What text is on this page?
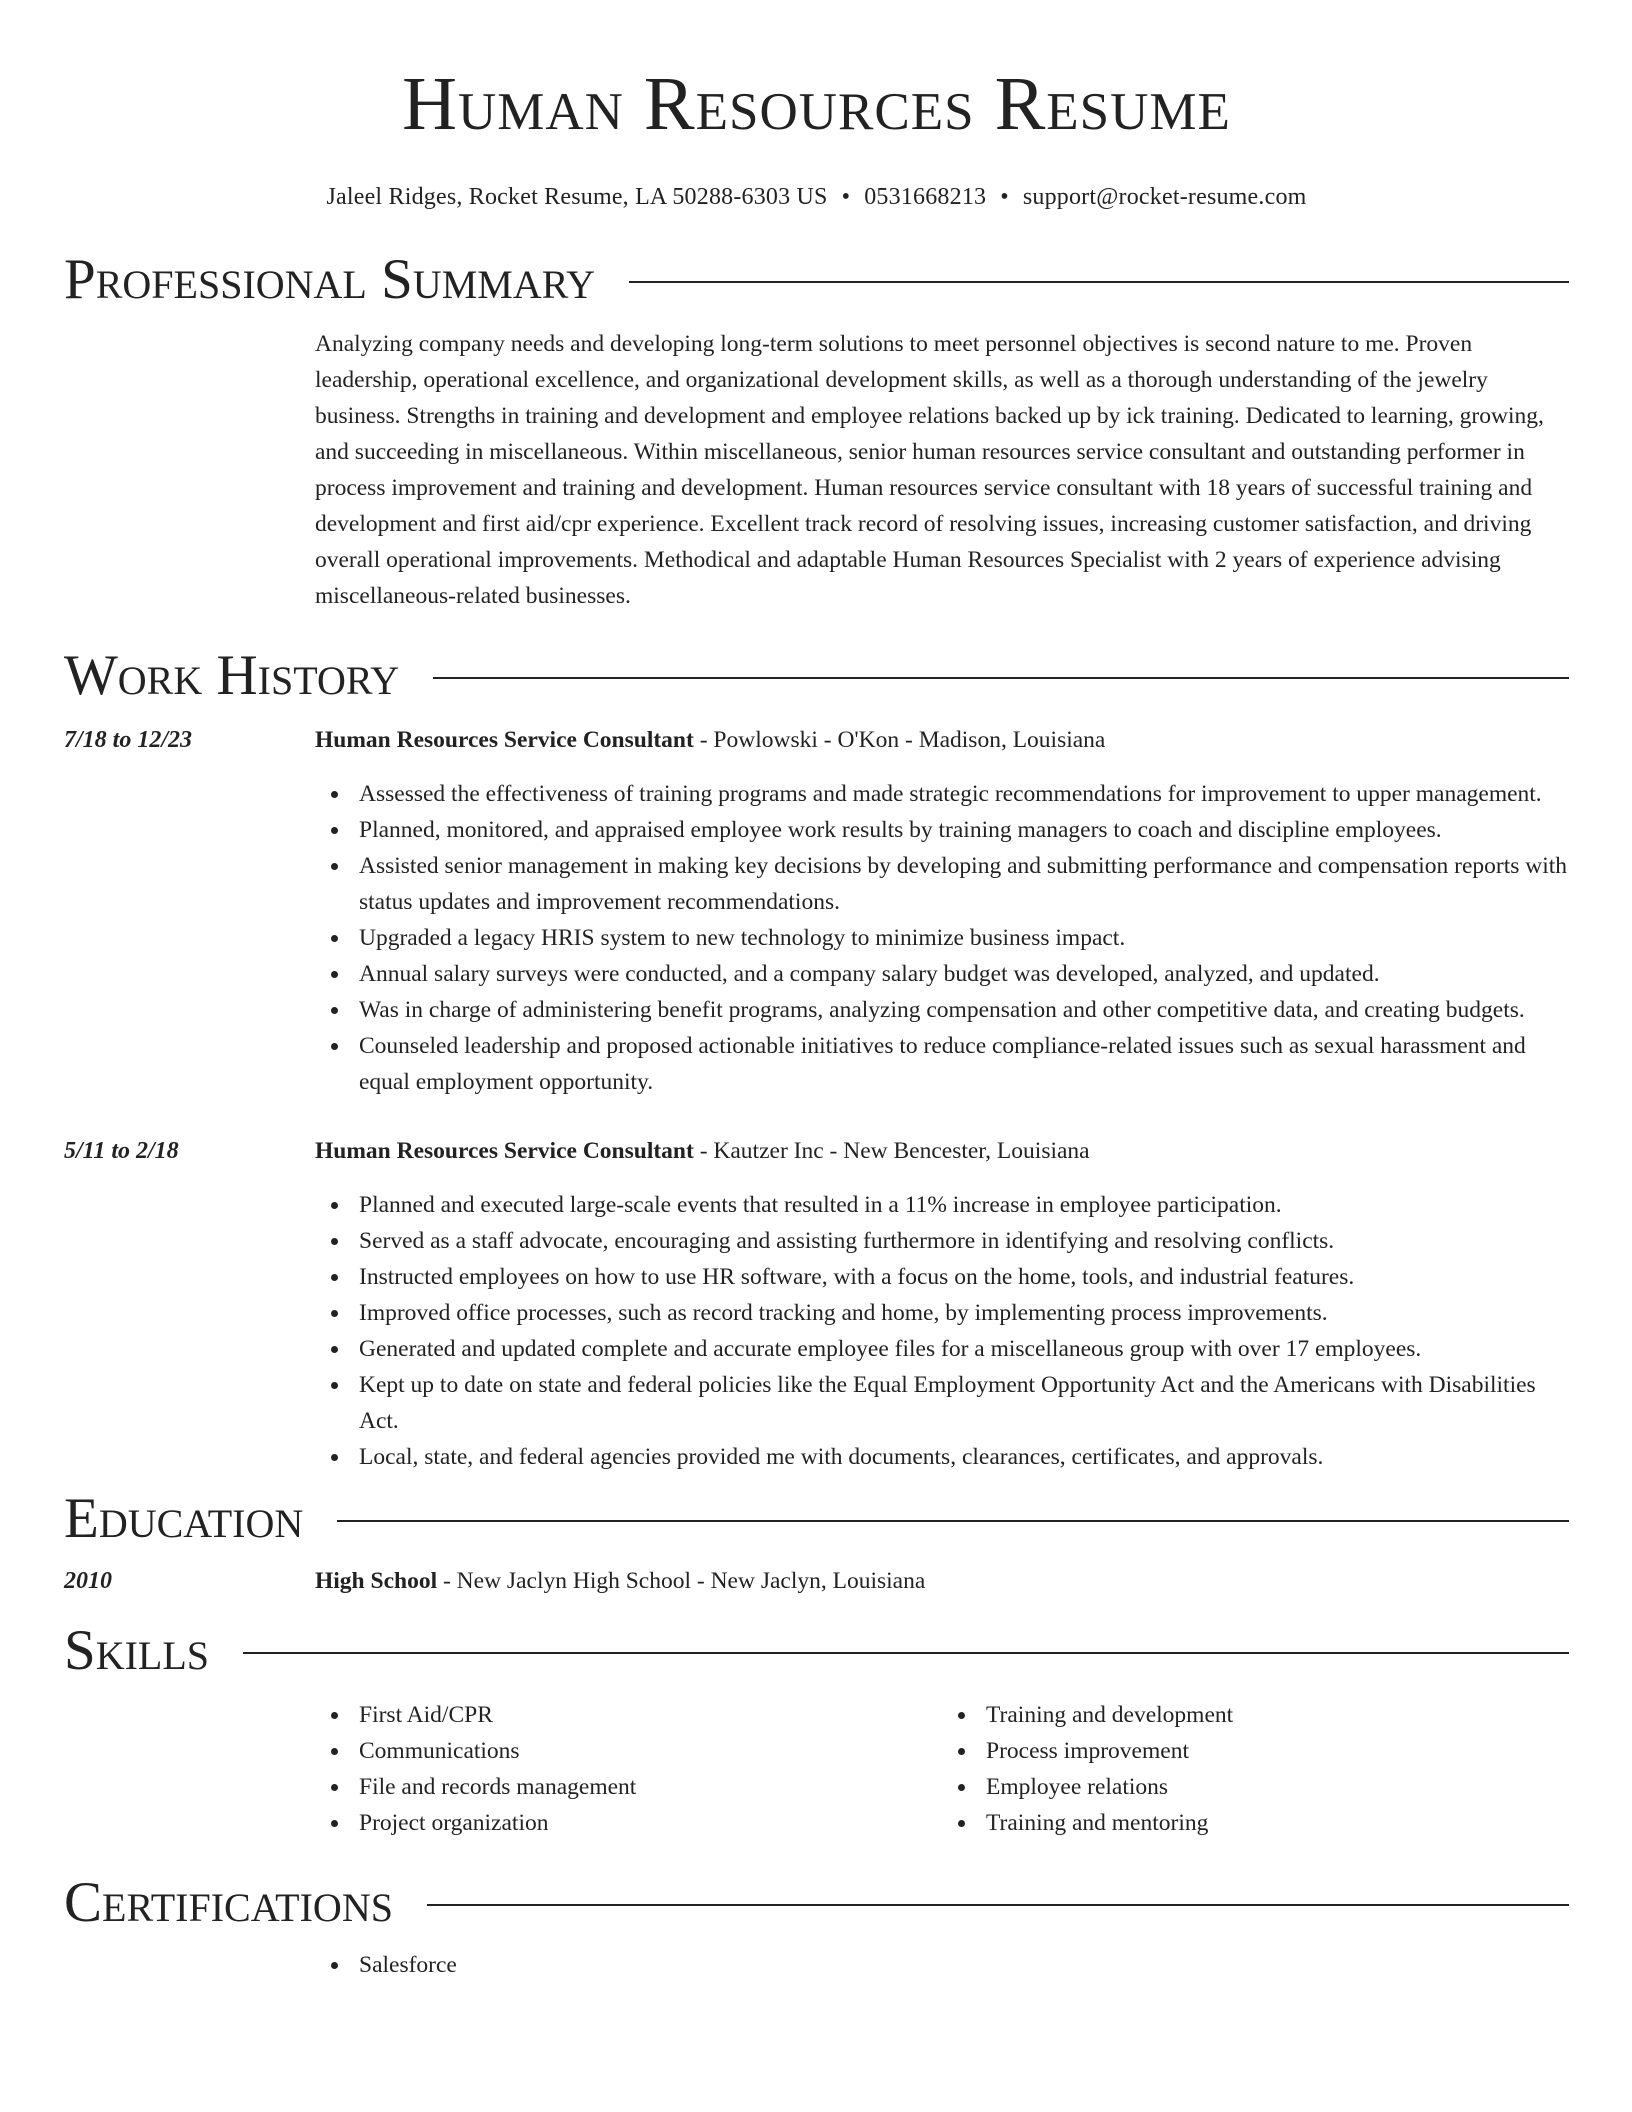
Human Resources Resume
Jaleel Ridges, Rocket Resume, LA 50288-6303 US • 0531668213 • support@rocket-resume.com
Professional Summary

Analyzing company needs and developing long-term solutions to meet personnel objectives is second nature to me. Proven leadership, operational excellence, and organizational development skills, as well as a thorough understanding of the jewelry business. Strengths in training and development and employee relations backed up by ick training. Dedicated to learning, growing, and succeeding in miscellaneous. Within miscellaneous, senior human resources service consultant and outstanding performer in process improvement and training and development. Human resources service consultant with 18 years of successful training and development and first aid/cpr experience. Excellent track record of resolving issues, increasing customer satisfaction, and driving overall operational improvements. Methodical and adaptable Human Resources Specialist with 2 years of experience advising miscellaneous-related businesses.

Work History
7/18 to 12/23	Human Resources Service Consultant - Powlowski - O'Kon - Madison, Louisiana
Assessed the effectiveness of training programs and made strategic recommendations for improvement to upper management.
Planned, monitored, and appraised employee work results by training managers to coach and discipline employees.
Assisted senior management in making key decisions by developing and submitting performance and compensation reports with status updates and improvement recommendations.
Upgraded a legacy HRIS system to new technology to minimize business impact.
Annual salary surveys were conducted, and a company salary budget was developed, analyzed, and updated.
Was in charge of administering benefit programs, analyzing compensation and other competitive data, and creating budgets.
Counseled leadership and proposed actionable initiatives to reduce compliance-related issues such as sexual harassment and equal employment opportunity.
5/11 to 2/18	Human Resources Service Consultant - Kautzer Inc - New Bencester, Louisiana
Planned and executed large-scale events that resulted in a 11% increase in employee participation.
Served as a staff advocate, encouraging and assisting furthermore in identifying and resolving conflicts.
Instructed employees on how to use HR software, with a focus on the home, tools, and industrial features.
Improved office processes, such as record tracking and home, by implementing process improvements.
Generated and updated complete and accurate employee files for a miscellaneous group with over 17 employees.
Kept up to date on state and federal policies like the Equal Employment Opportunity Act and the Americans with Disabilities Act.
Local, state, and federal agencies provided me with documents, clearances, certificates, and approvals.
Education
2010	High School - New Jaclyn High School - New Jaclyn, Louisiana
Skills
First Aid/CPR
Communications
File and records management
Project organization
Training and development
Process improvement
Employee relations
Training and mentoring
Certifications
Salesforce
